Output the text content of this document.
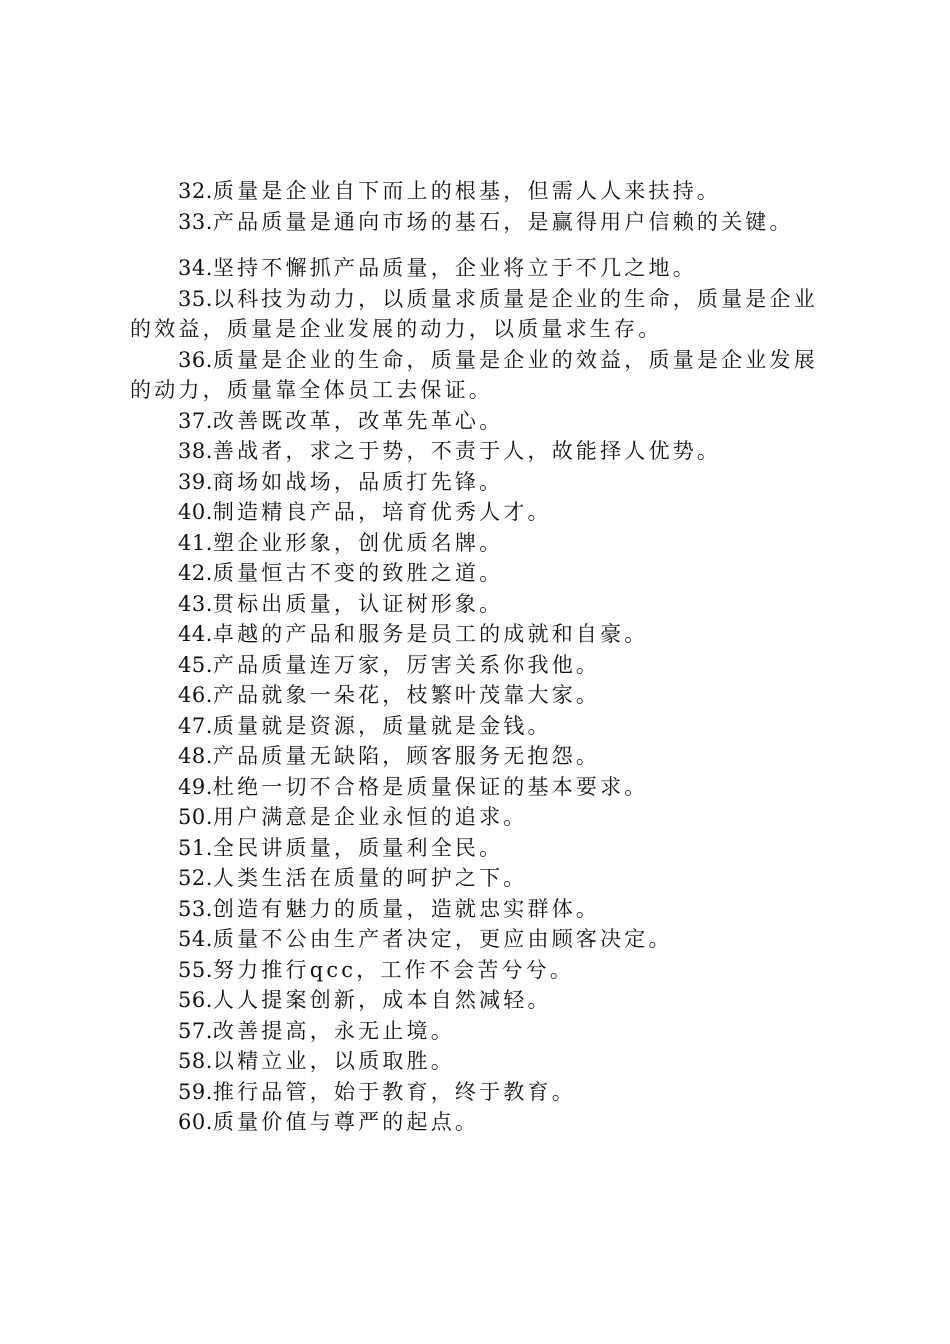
32.质量是企业自下而上的根基，但需人人来扶持。

33.产品质量是通向市场的基石，是赢得用户信赖的关键。

34.坚持不懈抓产品质量，企业将立于不几之地。

35.以科技为动力，以质量求质量是企业的生命，质量是企业的效益，质量是企业发展的动力，以质量求生存。

36.质量是企业的生命，质量是企业的效益，质量是企业发展的动力，质量靠全体员工去保证。

37.改善既改革，改革先革心。

38.善战者，求之于势，不责于人，故能择人优势。

39.商场如战场，品质打先锋。

40.制造精良产品，培育优秀人才。

41.塑企业形象，创优质名牌。

42.质量恒古不变的致胜之道。

43.贯标出质量，认证树形象。

44.卓越的产品和服务是员工的成就和自豪。

45.产品质量连万家，厉害关系你我他。

46.产品就象一朵花，枝繁叶茂靠大家。

47.质量就是资源，质量就是金钱。

48.产品质量无缺陷，顾客服务无抱怨。

49.杜绝一切不合格是质量保证的基本要求。

50.用户满意是企业永恒的追求。

51.全民讲质量，质量利全民。

52.人类生活在质量的呵护之下。

53.创造有魅力的质量，造就忠实群体。

54.质量不公由生产者决定，更应由顾客决定。

55.努力推行qcc，工作不会苦兮兮。

56.人人提案创新，成本自然减轻。

57.改善提高，永无止境。

58.以精立业，以质取胜。

59.推行品管，始于教育，终于教育。

60.质量价值与尊严的起点。
